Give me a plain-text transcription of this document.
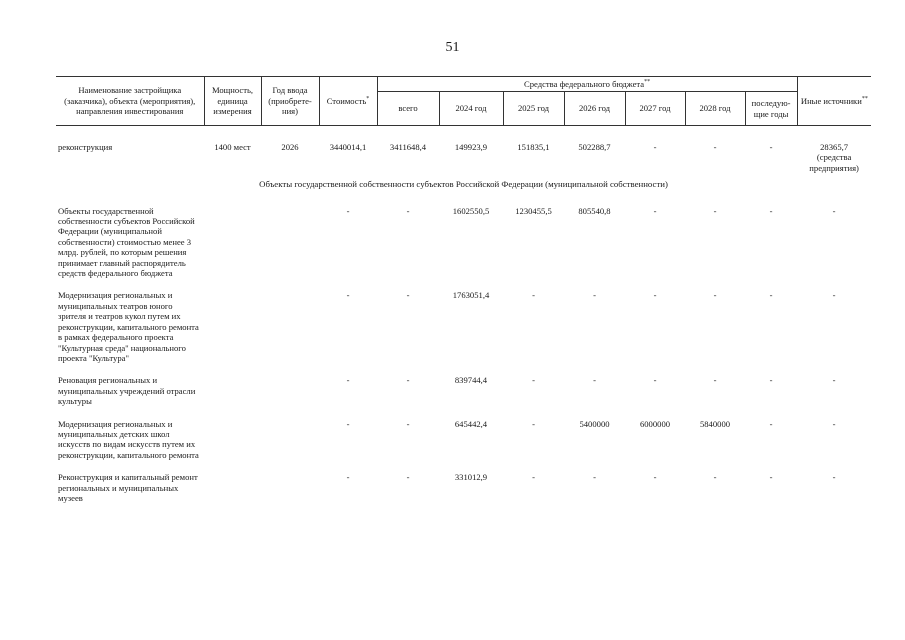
51
Наименование застройщика (заказчика), объекта (мероприятия), направления инвестирования	Мощность, единица измерения	Год ввода (приобрете-ния)	Стоимость*	Средства федерального бюджета**							Иные источники**
				всего	2024 год	2025 год	2026 год	2027 год	2028 год	последую-щие годы	

реконструкция	1400 мест	2026	3440014,1	3411648,4	149923,9	151835,1	502288,7	-	-	-	28365,7
(средства предприятия)
Объекты государственной собственности субъектов Российской Федерации (муниципальной собственности)											
Объекты государственной собственности субъектов Российской Федерации (муниципальной собственности) стоимостью менее 3 млрд. рублей, по которым решения принимает главный распорядитель средств федерального бюджета			-	-	1602550,5	1230455,5	805540,8	-	-	-	-

Модернизация региональных и муниципальных театров юного зрителя и театров кукол путем их реконструкции, капитального ремонта в рамках федерального проекта "Культурная среда" национального проекта "Культура"			-	-	1763051,4	-	-	-	-	-	-

Реновация региональных и муниципальных учреждений отрасли культуры			-	-	839744,4	-	-	-	-	-	-

Модернизация региональных и муниципальных детских школ искусств по видам искусств путем их реконструкции, капитального ремонта			-	-	645442,4	-	5400000	6000000	5840000	-	-

Реконструкция и капитальный ремонт региональных и муниципальных музеев			-	-	331012,9	-	-	-	-	-	-
